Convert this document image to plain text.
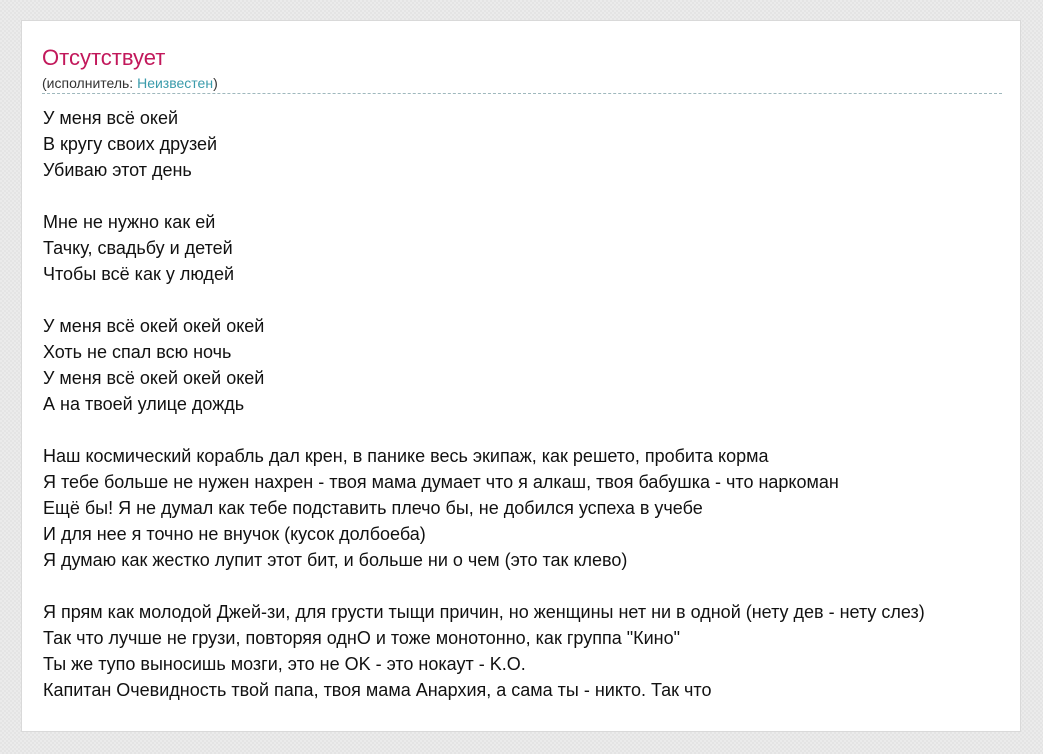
Отсутствует
(исполнитель: Неизвестен)
У меня всё окей
В кругу своих друзей
Убиваю этот день
Мне не нужно как ей
Тачку, свадьбу и детей
Чтобы всё как у людей
У меня всё окей окей окей
Хоть не спал всю ночь
У меня всё окей окей окей
А на твоей улице дождь
Наш космический корабль дал крен, в панике весь экипаж, как решето, пробита корма
Я тебе больше не нужен нахрен - твоя мама думает что я алкаш, твоя бабушка - что наркоман
Ещё бы! Я не думал как тебе подставить плечо бы, не добился успеха в учебе
И для нее я точно не внучок (кусок долбоеба)
Я думаю как жестко лупит этот бит, и больше ни о чем (это так клево)
Я прям как молодой Джей-зи, для грусти тыщи причин, но женщины нет ни в одной (нету дев - нету слез)
Так что лучше не грузи, повторяя однО и тоже монотонно, как группа "Кино"
Ты же тупо выносишь мозги, это не OK - это нокаут - K.O.
Капитан Очевидность твой папа, твоя мама Анархия, а сама ты - никто. Так что
